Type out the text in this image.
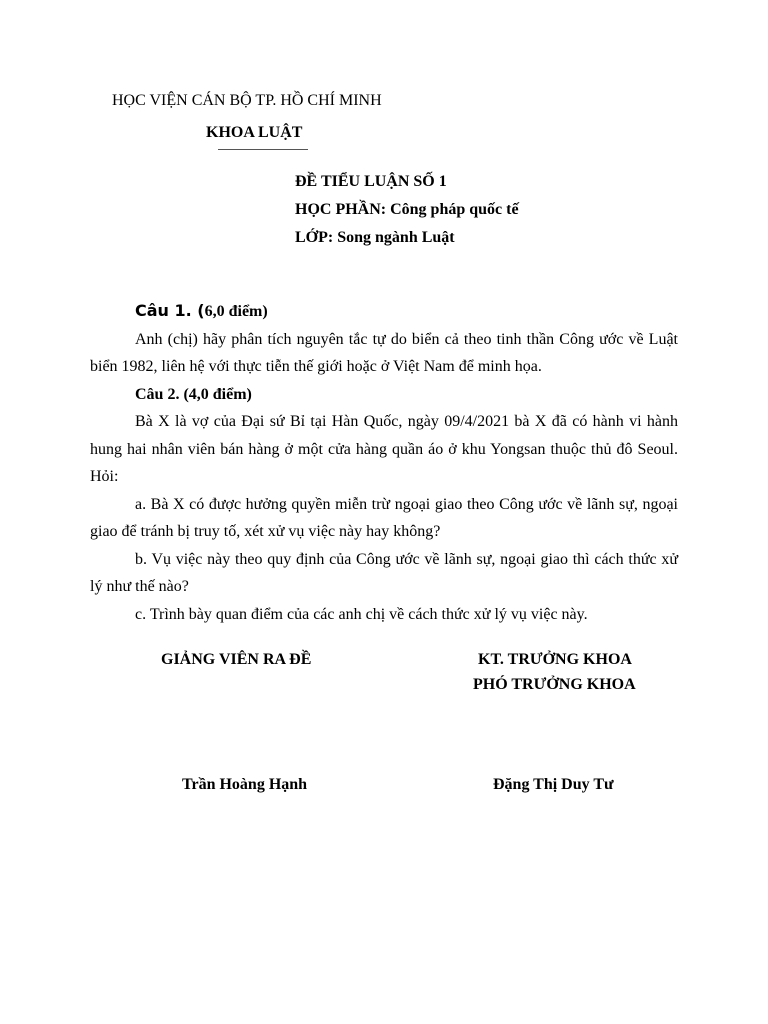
HỌC VIỆN CÁN BỘ TP. HỒ CHÍ MINH
KHOA LUẬT
ĐỀ TIỂU LUẬN SỐ 1
HỌC PHẦN: Công pháp quốc tế
LỚP: Song ngành Luật

Câu 1. (6,0 điểm)

Anh (chị) hãy phân tích nguyên tắc tự do biển cả theo tinh thần Công ước về Luật biển 1982, liên hệ với thực tiễn thế giới hoặc ở Việt Nam để minh họa.

Câu 2. (4,0 điểm)

Bà X là vợ của Đại sứ Bỉ tại Hàn Quốc, ngày 09/4/2021 bà X đã có hành vi hành hung hai nhân viên bán hàng ở một cửa hàng quần áo ở khu Yongsan thuộc thủ đô Seoul. Hỏi:

a. Bà X có được hưởng quyền miễn trừ ngoại giao theo Công ước về lãnh sự, ngoại giao để tránh bị truy tố, xét xử vụ việc này hay không?

b. Vụ việc này theo quy định của Công ước về lãnh sự, ngoại giao thì cách thức xử lý như thế nào?

c. Trình bày quan điểm của các anh chị về cách thức xử lý vụ việc này.

GIẢNG VIÊN RA ĐỀ	KT. TRƯỞNG KHOA
PHÓ TRƯỞNG KHOA
Trần Hoàng Hạnh	Đặng Thị Duy Tư
